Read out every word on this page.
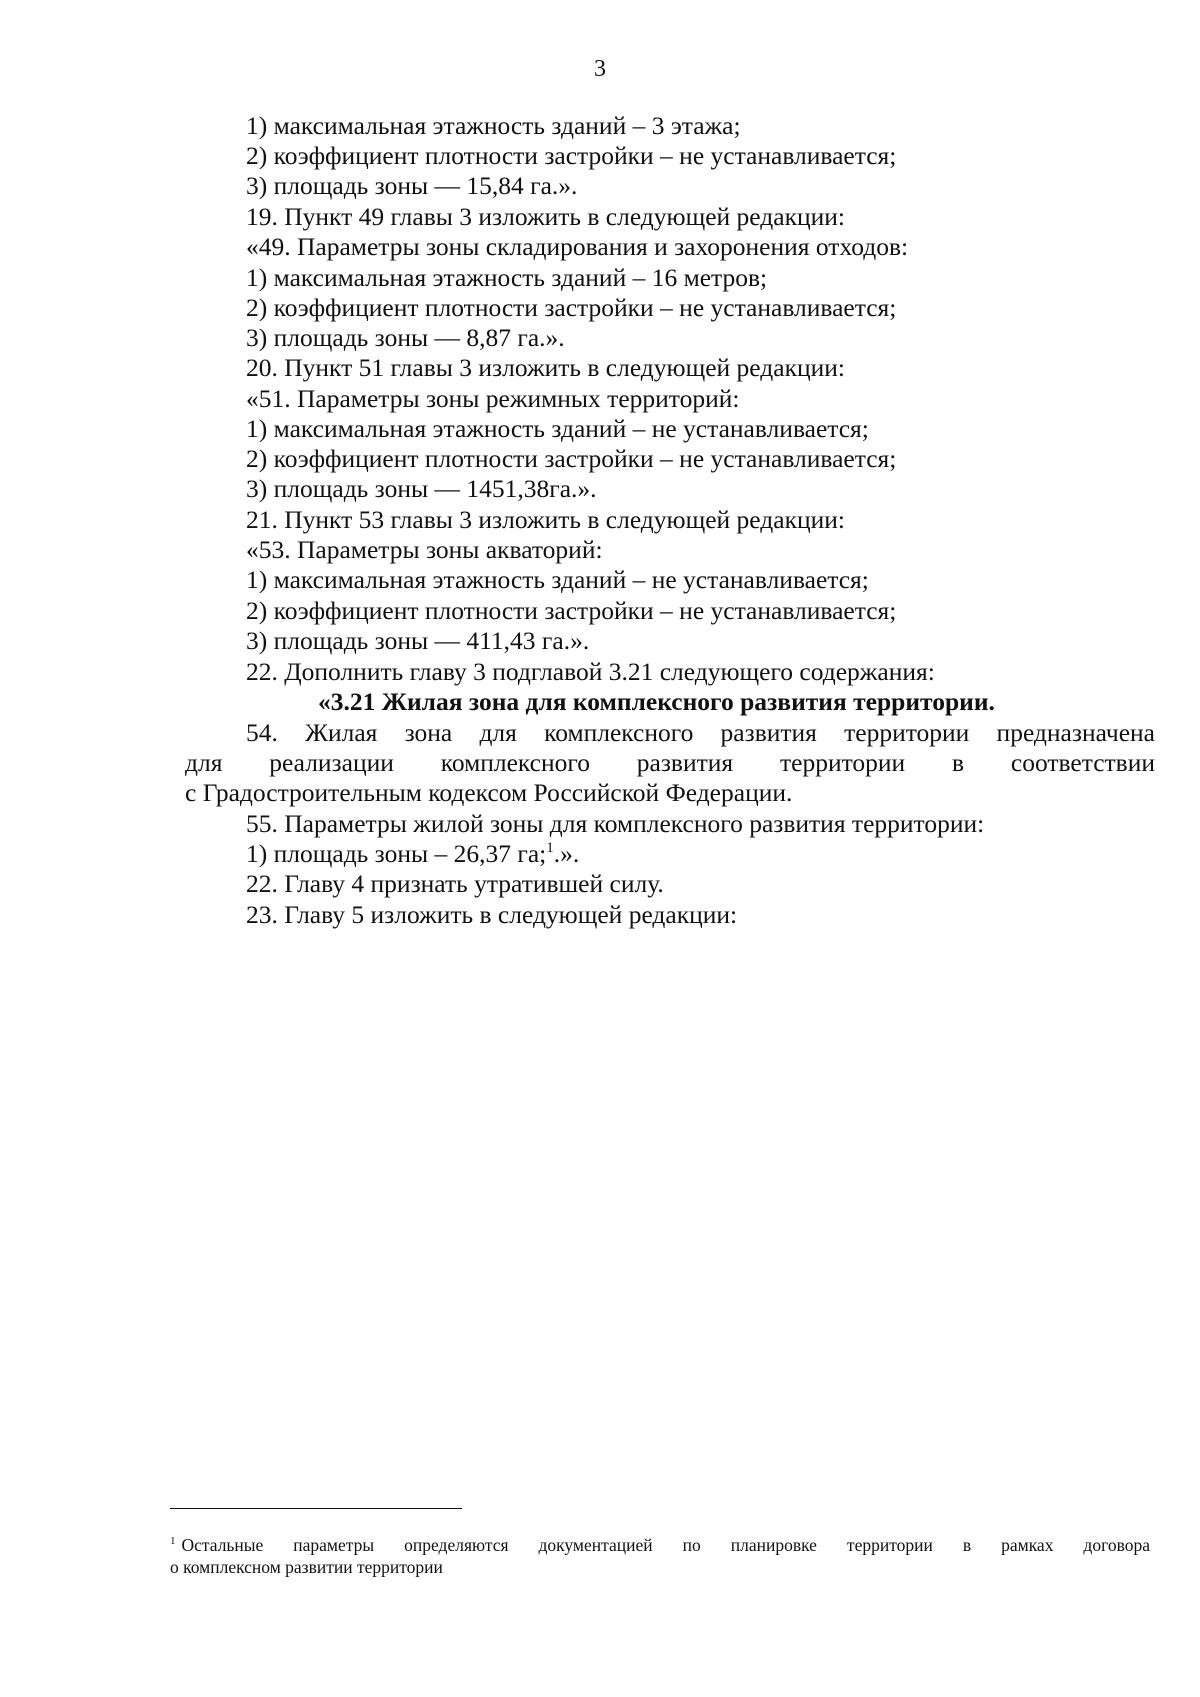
3
1) максимальная этажность зданий – 3 этажа;
2) коэффициент плотности застройки – не устанавливается;
3) площадь зоны — 15,84 га.».
19. Пункт 49 главы 3 изложить в следующей редакции:
«49. Параметры зоны складирования и захоронения отходов:
1) максимальная этажность зданий – 16 метров;
2) коэффициент плотности застройки – не устанавливается;
3) площадь зоны — 8,87 га.».
20. Пункт 51 главы 3 изложить в следующей редакции:
«51. Параметры зоны режимных территорий:
1) максимальная этажность зданий – не устанавливается;
2) коэффициент плотности застройки – не устанавливается;
3) площадь зоны — 1451,38га.».
21. Пункт 53 главы 3 изложить в следующей редакции:
«53. Параметры зоны акваторий:
1) максимальная этажность зданий – не устанавливается;
2) коэффициент плотности застройки – не устанавливается;
3) площадь зоны — 411,43 га.».
22. Дополнить главу 3 подглавой 3.21 следующего содержания:
«3.21 Жилая зона для комплексного развития территории.
54. Жилая зона для комплексного развития территории предназначена
для реализации комплексного развития территории в соответствии
с Градостроительным кодексом Российской Федерации.
55. Параметры жилой зоны для комплексного развития территории:
1) площадь зоны – 26,37 га;$^1$.».
22. Главу 4 признать утратившей силу.
23. Главу 5 изложить в следующей редакции:
$^1$ Остальные параметры определяются документацией по планировке территории в рамках договора
о комплексном развитии территории
